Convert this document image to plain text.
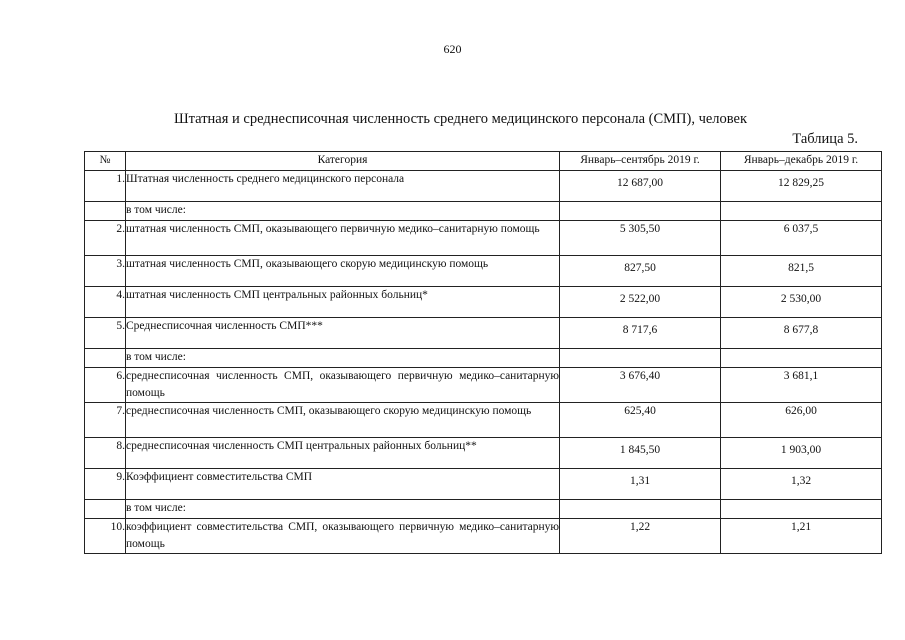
620
Штатная и среднесписочная численность среднего медицинского персонала (СМП), человек
Таблица 5.
№	Категория	Январь–сентябрь 2019 г.	Январь–декабрь 2019 г.
1.	Штатная численность среднего медицинского персонала	12 687,00	12 829,25
	в том числе:		
2.	штатная численность СМП, оказывающего первичную медико–санитарную помощь	5 305,50	6 037,5
3.	штатная численность СМП, оказывающего скорую медицинскую помощь	827,50	821,5
4.	штатная численность СМП центральных районных больниц*	2 522,00	2 530,00
5.	Среднесписочная численность СМП***	8 717,6	8 677,8
	в том числе:		
6.	среднесписочная численность СМП, оказывающего первичную медико–санитарную помощь	3 676,40	3 681,1
7.	среднесписочная численность СМП, оказывающего скорую медицинскую помощь	625,40	626,00
8.	среднесписочная численность СМП центральных районных больниц**	1 845,50	1 903,00
9.	Коэффициент совместительства СМП	1,31	1,32
	в том числе:		
10.	коэффициент совместительства СМП, оказывающего первичную медико–санитарную помощь	1,22	1,21
